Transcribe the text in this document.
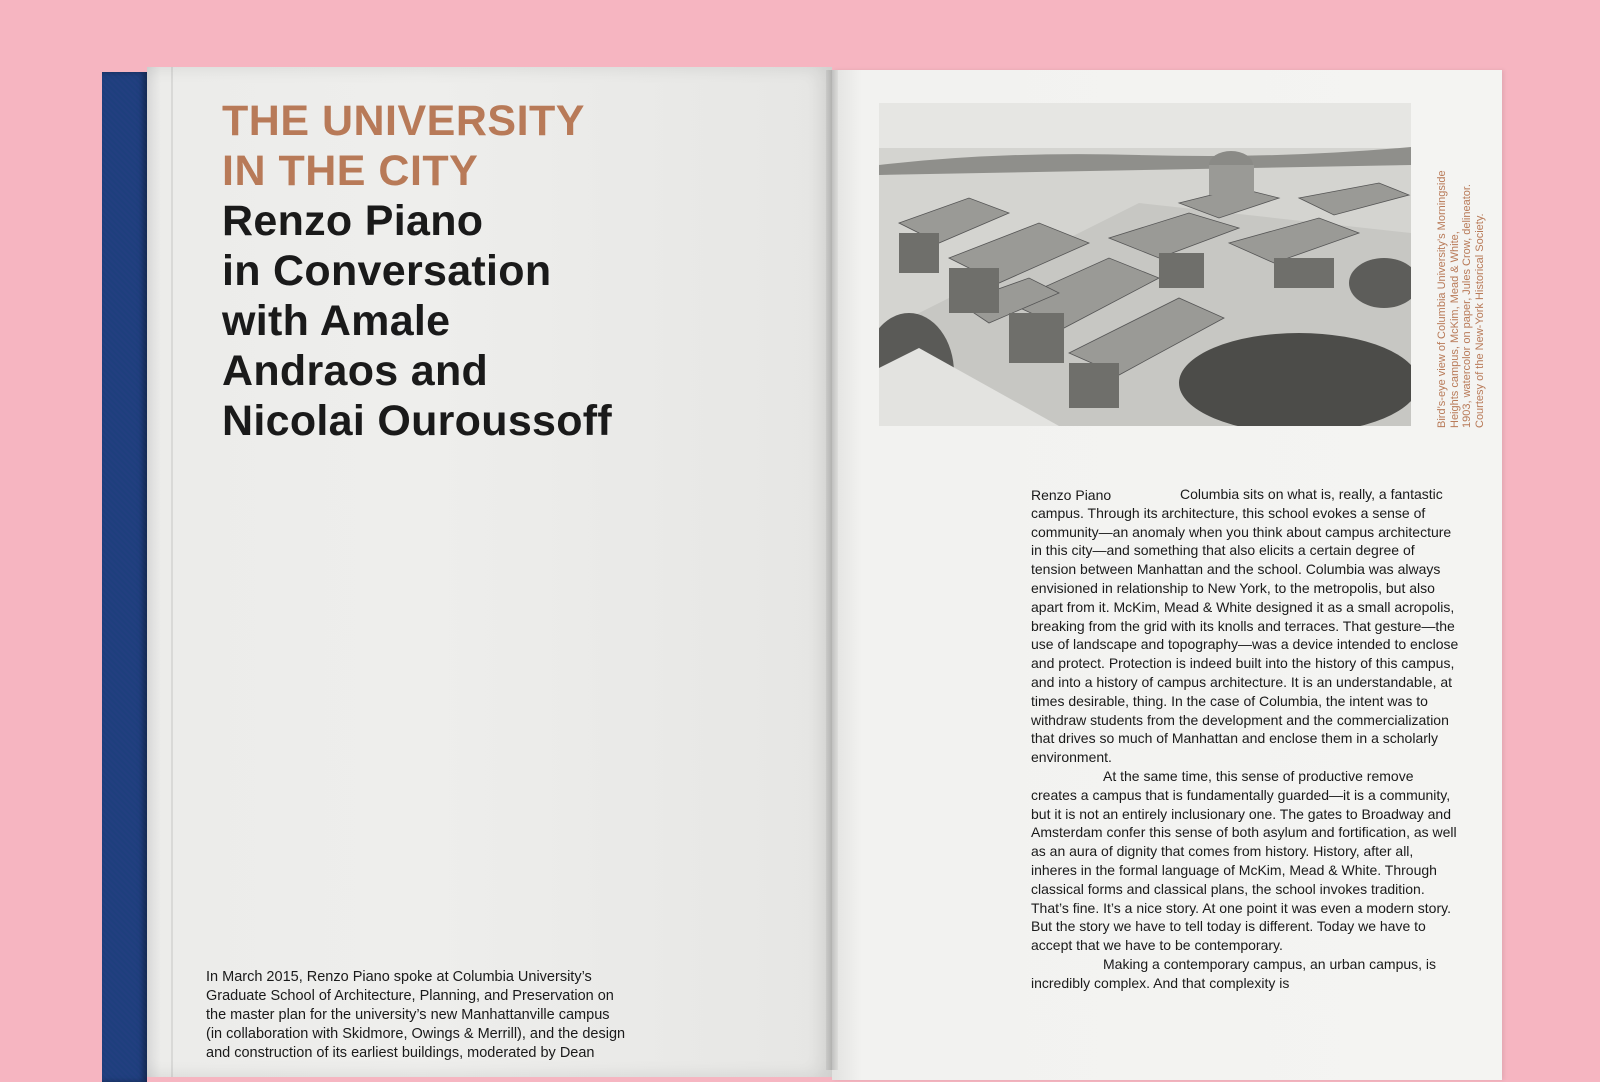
THE UNIVERSITY

IN THE CITY

Renzo Piano

in Conversation

with Amale

Andraos and

Nicolai Ouroussoff

In March 2015, Renzo Piano spoke at Columbia University’s
Graduate School of Architecture, Planning, and Preservation on
the master plan for the university’s new Manhattanville campus
(in collaboration with Skidmore, Owings & Merrill), and the design
and construction of its earliest buildings, moderated by Dean
Bird’s-eye view of Columbia University’s Morningside Heights campus, McKim, Mead & White, 1903, watercolor on paper, Jules Crow, delineator. Courtesy of the New-York Historical Society.
Renzo Piano	Columbia sits on what is, really, a fantastic campus. Through its architecture, this school evokes a sense of community—an anomaly when you think about campus architecture in this city—and something that also elicits a certain degree of tension between Manhattan and the school. Columbia was always envisioned in relationship to New York, to the metropolis, but also apart from it. McKim, Mead & White designed it as a small acropolis, breaking from the grid with its knolls and terraces. That gesture—the use of landscape and topography—was a device intended to enclose and protect. Protection is indeed built into the history of this campus, and into a history of campus architecture. It is an understandable, at times desirable, thing. In the case of Columbia, the intent was to withdraw students from the development and the commercialization that drives so much of Manhattan and enclose them in a scholarly environment.

At the same time, this sense of productive remove creates a campus that is fundamentally guarded—it is a community, but it is not an entirely inclusionary one. The gates to Broadway and Amsterdam confer this sense of both asylum and fortification, as well as an aura of dignity that comes from history. History, after all, inheres in the formal language of McKim, Mead & White. Through classical forms and classical plans, the school invokes tradition. That’s fine. It’s a nice story. At one point it was even a modern story. But the story we have to tell today is different. Today we have to accept that we have to be contemporary.

Making a contemporary campus, an urban campus, is incredibly complex. And that complexity is
